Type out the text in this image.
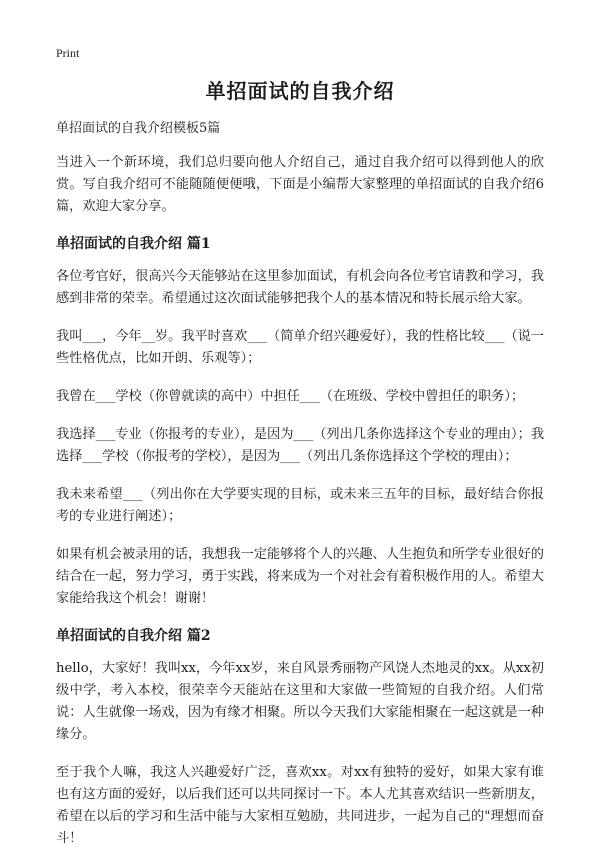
Print
单招面试的自我介绍
单招面试的自我介绍模板5篇

当进入一个新环境，我们总归要向他人介绍自己，通过自我介绍可以得到他人的欣赏。写自我介绍可不能随随便便哦，下面是小编帮大家整理的单招面试的自我介绍6篇，欢迎大家分享。

单招面试的自我介绍 篇1

各位考官好，很高兴今天能够站在这里参加面试，有机会向各位考官请教和学习，我感到非常的荣幸。希望通过这次面试能够把我个人的基本情况和特长展示给大家。

我叫___，今年__岁。我平时喜欢___（简单介绍兴趣爱好），我的性格比较___（说一些性格优点，比如开朗、乐观等）；

我曾在___学校（你曾就读的高中）中担任___（在班级、学校中曾担任的职务）；

我选择___专业（你报考的专业），是因为___（列出几条你选择这个专业的理由）；我选择___学校（你报考的学校），是因为___（列出几条你选择这个学校的理由）；

我未来希望___（列出你在大学要实现的目标，或未来三五年的目标，最好结合你报考的专业进行阐述）；

如果有机会被录用的话，我想我一定能够将个人的兴趣、人生抱负和所学专业很好的结合在一起，努力学习，勇于实践，将来成为一个对社会有着积极作用的人。希望大家能给我这个机会！谢谢！

单招面试的自我介绍 篇2

hello，大家好！我叫xx，今年xx岁，来自风景秀丽物产风饶人杰地灵的xx。从xx初级中学，考入本校，很荣幸今天能站在这里和大家做一些简短的自我介绍。人们常说：人生就像一场戏，因为有缘才相聚。所以今天我们大家能相聚在一起这就是一种缘分。

至于我个人嘛，我这人兴趣爱好广泛，喜欢xx。对xx有独特的爱好，如果大家有谁也有这方面的爱好，以后我们还可以共同探讨一下。本人尤其喜欢结识一些新朋友，希望在以后的学习和生活中能与大家相互勉励，共同进步，一起为自己的"理想而奋斗！
